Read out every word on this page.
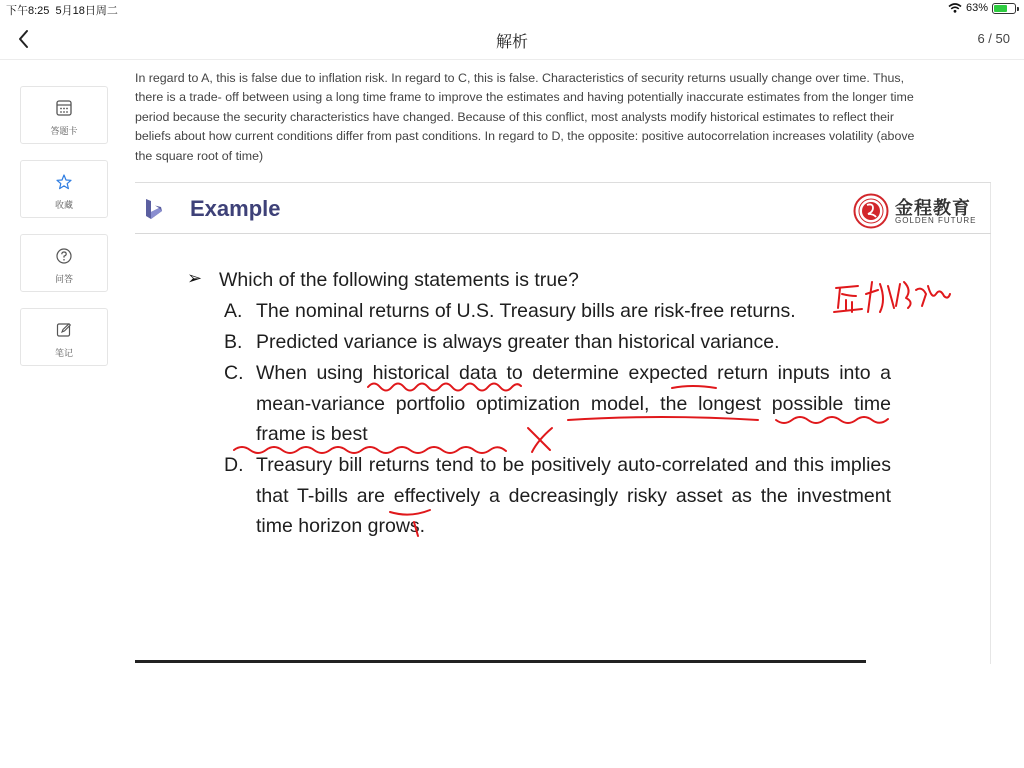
下午8:25 5月18日周二	63%
解析	6 / 50
答题卡
收藏
问答
笔记
In regard to A, this is false due to inflation risk. In regard to C, this is false. Characteristics of security returns usually change over time. Thus,
there is a trade- off between using a long time frame to improve the estimates and having potentially inaccurate estimates from the longer time
period because the security characteristics have changed. Because of this conflict, most analysts modify historical estimates to reflect their
beliefs about how current conditions differ from past conditions. In regard to D, the opposite: positive autocorrelation increases volatility (above
the square root of time)
Example	金程教育
GOLDEN FUTURE
➢ Which of the following statements is true?
A. The nominal returns of U.S. Treasury bills are risk-free returns.
B. Predicted variance is always greater than historical variance.
C. When using historical data to determine expected return inputs into a mean-variance portfolio optimization model, the longest possible time frame is best
D. Treasury bill returns tend to be positively auto-correlated and this implies that T-bills are effectively a decreasingly risky asset as the investment time horizon grows.
